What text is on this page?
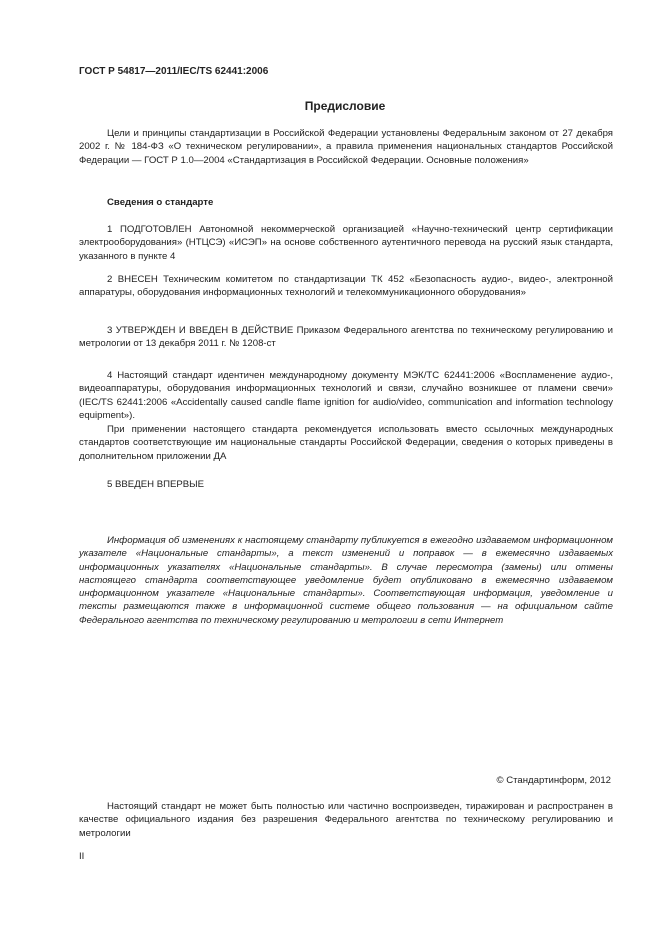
ГОСТ Р 54817—2011/IEC/TS 62441:2006
Предисловие
Цели и принципы стандартизации в Российской Федерации установлены Федеральным законом от 27 декабря 2002 г. № 184-ФЗ «О техническом регулировании», а правила применения национальных стандартов Российской Федерации — ГОСТ Р 1.0—2004 «Стандартизация в Российской Федерации. Основные положения»
Сведения о стандарте
1 ПОДГОТОВЛЕН Автономной некоммерческой организацией «Научно-технический центр сертификации электрооборудования» (НТЦСЭ) «ИСЭП» на основе собственного аутентичного перевода на русский язык стандарта, указанного в пункте 4
2 ВНЕСЕН Техническим комитетом по стандартизации ТК 452 «Безопасность аудио-, видео-, электронной аппаратуры, оборудования информационных технологий и телекоммуникационного оборудования»
3 УТВЕРЖДЕН И ВВЕДЕН В ДЕЙСТВИЕ Приказом Федерального агентства по техническому регулированию и метрологии от 13 декабря 2011 г. № 1208-ст
4 Настоящий стандарт идентичен международному документу МЭК/ТС 62441:2006 «Воспламенение аудио-, видеоаппаратуры, оборудования информационных технологий и связи, случайно возникшее от пламени свечи» (IEC/TS 62441:2006 «Accidentally caused candle flame ignition for audio/video, communication and information technology equipment»).
При применении настоящего стандарта рекомендуется использовать вместо ссылочных международных стандартов соответствующие им национальные стандарты Российской Федерации, сведения о которых приведены в дополнительном приложении ДА
5 ВВЕДЕН ВПЕРВЫЕ
Информация об изменениях к настоящему стандарту публикуется в ежегодно издаваемом информационном указателе «Национальные стандарты», а текст изменений и поправок — в ежемесячно издаваемых информационных указателях «Национальные стандарты». В случае пересмотра (замены) или отмены настоящего стандарта соответствующее уведомление будет опубликовано в ежемесячно издаваемом информационном указателе «Национальные стандарты». Соответствующая информация, уведомление и тексты размещаются также в информационной системе общего пользования — на официальном сайте Федерального агентства по техническому регулированию и метрологии в сети Интернет
© Стандартинформ, 2012
Настоящий стандарт не может быть полностью или частично воспроизведен, тиражирован и распространен в качестве официального издания без разрешения Федерального агентства по техническому регулированию и метрологии
II
